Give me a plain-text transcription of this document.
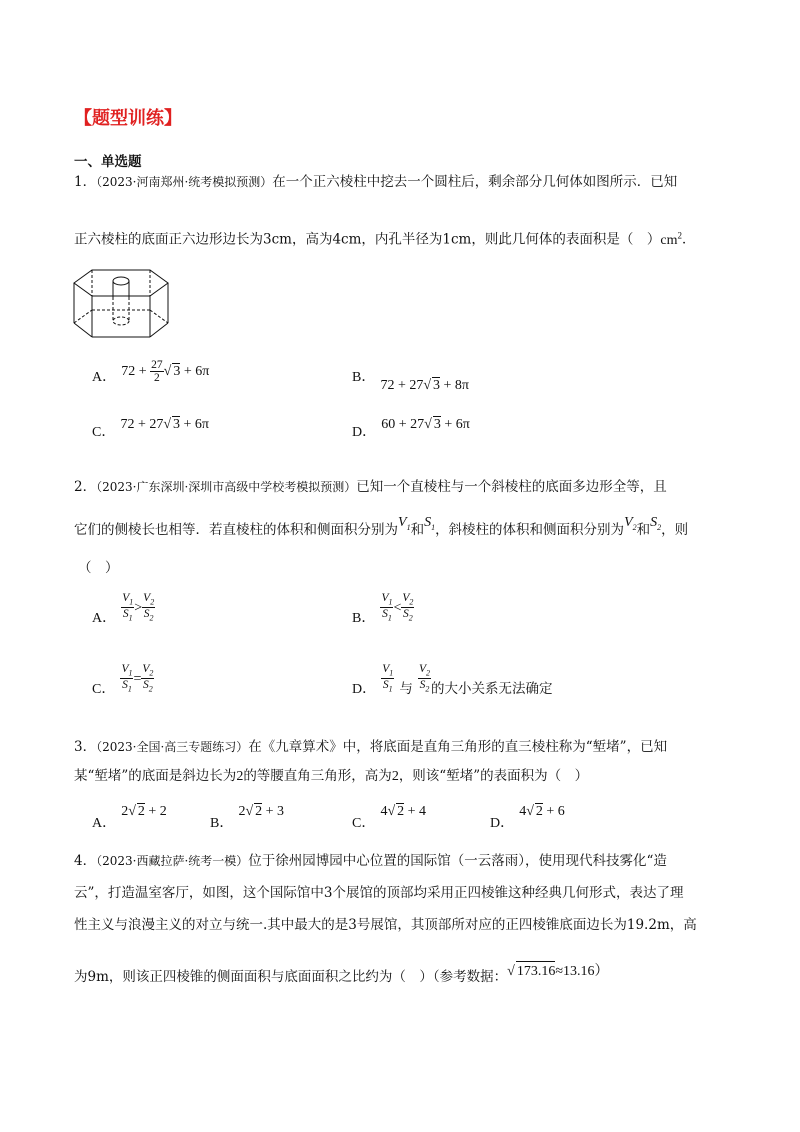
【题型训练】
一、单选题
1．（2023·河南郑州·统考模拟预测）在一个正六棱柱中挖去一个圆柱后，剩余部分几何体如图所示．已知
正六棱柱的底面正六边形边长为3cm，高为4cm，内孔半径为1cm，则此几何体的表面积是（　）$cm^2$．
A． $72 + \frac{27}{2}$ √ 3 + 6π	B． 72 + 27√ 3 + 8π
C． 72 + 27√ 3 + 6π
D． 60 + 27√ 3 + 6π
2．（2023·广东深圳·深圳市高级中学校考模拟预测）已知一个直棱柱与一个斜棱柱的底面多边形全等，且
它们的侧棱长也相等．若直棱柱的体积和侧面积分别为$V_1$和$S_1$，斜棱柱的体积和侧面积分别为$V_2$和$S_2$，则
（　）
A． $\frac{V_1}{S_1} > \frac{V_2}{S_2}$	B． $\frac{V_1}{S_1} < \frac{V_2}{S_2}$
C． $\frac{V_1}{S_1} = \frac{V_2}{S_2}$	D． $\frac{V_1}{S_1} _与 \frac{V_2}{S_2} _{的大小关系无法确定}$
3．（2023·全国·高三专题练习）在《九章算术》中，将底面是直角三角形的直三棱柱称为“堑堵”，已知
某“堑堵”的底面是斜边长为2的等腰直角三角形，高为2，则该“堑堵”的表面积为（　）
A． 2√ 2 + 2
B． 2√ 2 + 3
C． 4√ 2 + 4
D． 4√ 2 + 6
4．（2023·西藏拉萨·统考一模）位于徐州园博园中心位置的国际馆（一云落雨），使用现代科技雾化“造
云”，打造温室客厅，如图，这个国际馆中3个展馆的顶部均采用正四棱锥这种经典几何形式，表达了理
性主义与浪漫主义的对立与统一.其中最大的是3号展馆，其顶部所对应的正四棱锥底面边长为19.2m，高
为9m，则该正四棱锥的侧面面积与底面面积之比约为（　）（参考数据：√ 173.16≈13.16）
